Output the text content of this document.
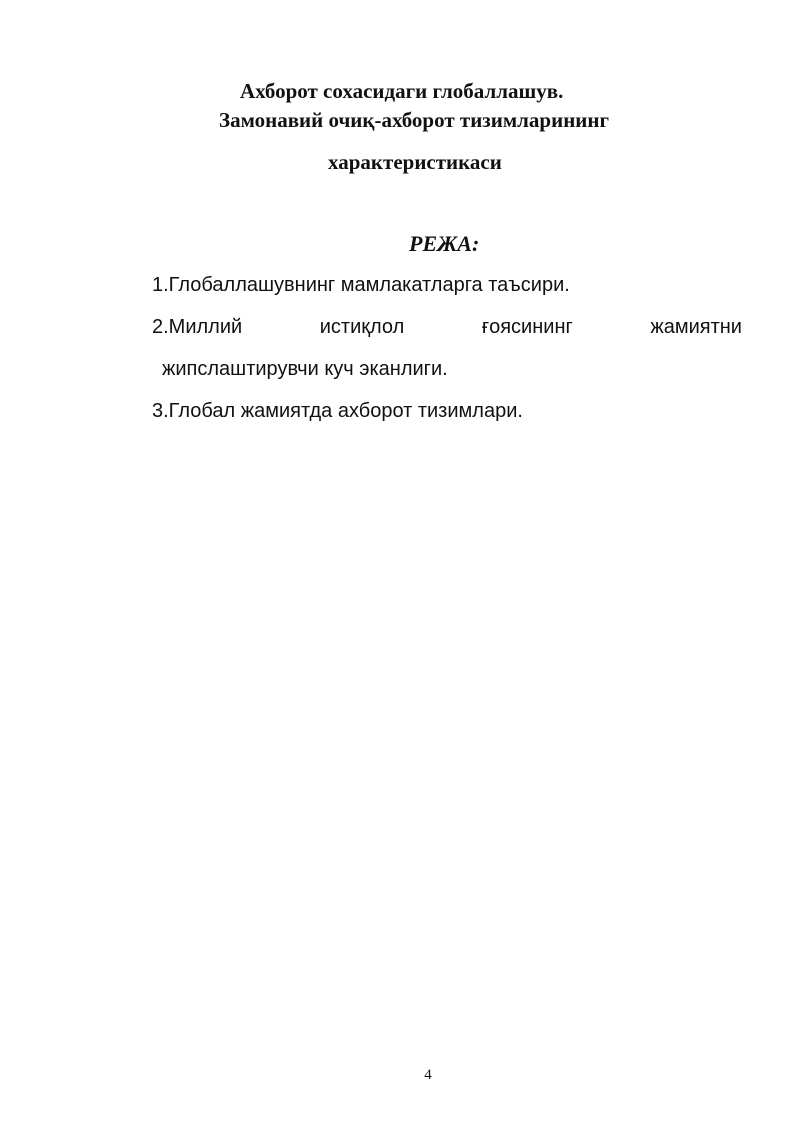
Ахборот сохасидаги глобаллашув.
Замонавий очиқ-ахборот тизимларининг
характеристикаси
РЕЖА:
1.Глобаллашувнинг мамлакатларга таъсири.
2.Миллий	истиқлол	ғоясининг	жамиятни
жипслаштирувчи куч эканлиги.
3.Глобал жамиятда ахборот тизимлари.
4
